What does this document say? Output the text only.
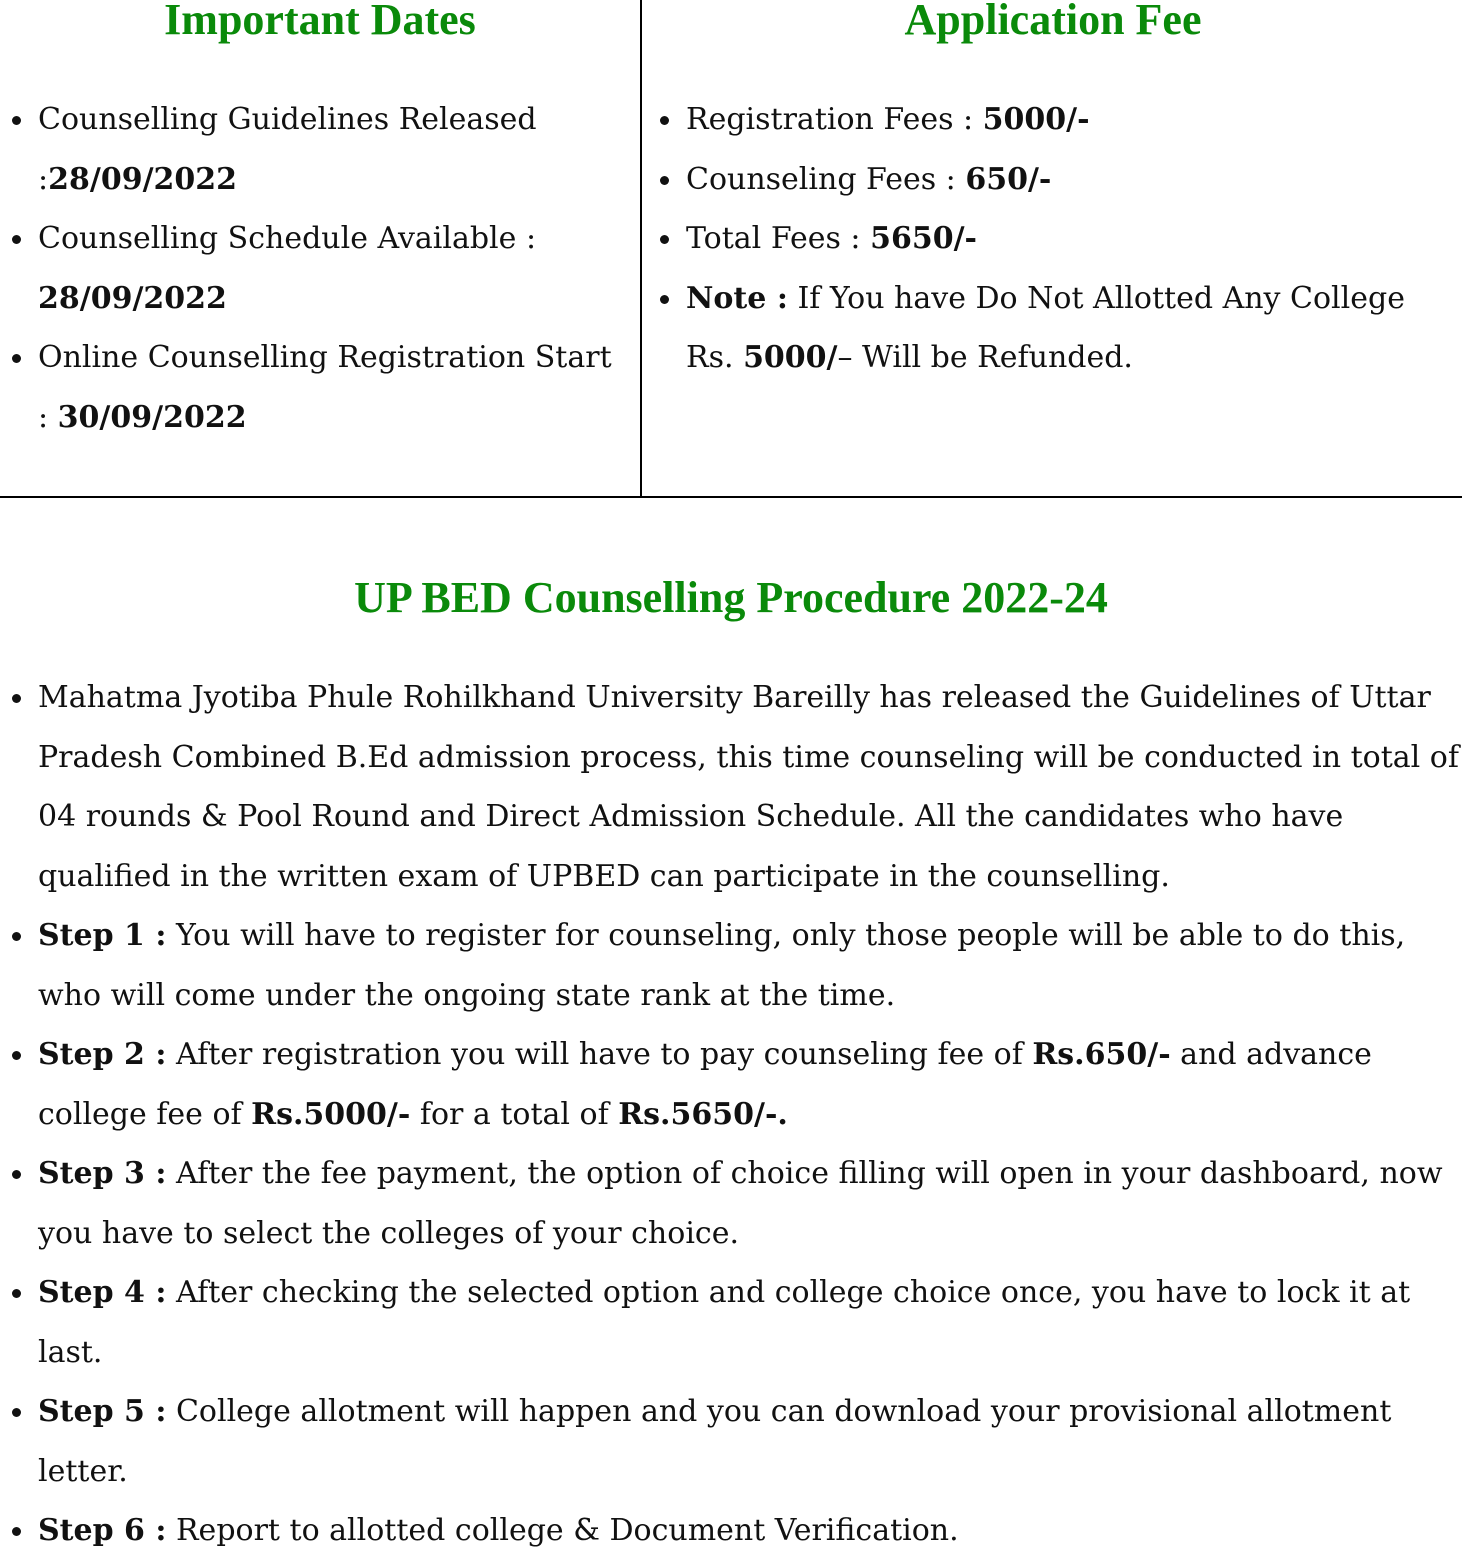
Important Dates
Counselling Guidelines Released
:28/09/2022
Counselling Schedule Available :
28/09/2022
Online Counselling Registration Start
: 30/09/2022
Application Fee
Registration Fees : 5000/-
Counseling Fees : 650/-
Total Fees : 5650/-
Note : If You have Do Not Allotted Any College
Rs. 5000/– Will be Refunded.
UP BED Counselling Procedure 2022-24
Mahatma Jyotiba Phule Rohilkhand University Bareilly has released the Guidelines of Uttar Pradesh Combined B.Ed admission process, this time counseling will be conducted in total of 04 rounds & Pool Round and Direct Admission Schedule. All the candidates who have qualified in the written exam of UPBED can participate in the counselling.
Step 1 : You will have to register for counseling, only those people will be able to do this, who will come under the ongoing state rank at the time.
Step 2 : After registration you will have to pay counseling fee of Rs.650/- and advance college fee of Rs.5000/- for a total of Rs.5650/-.
Step 3 : After the fee payment, the option of choice filling will open in your dashboard, now you have to select the colleges of your choice.
Step 4 : After checking the selected option and college choice once, you have to lock it at last.
Step 5 : College allotment will happen and you can download your provisional allotment letter.
Step 6 : Report to allotted college & Document Verification.
